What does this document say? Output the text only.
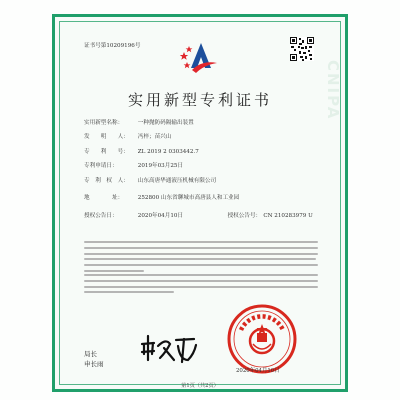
CNIPA
证书号第10209196号
实用新型专利证书
实用新型名称：	一种抛防码隔输出装置
发　　明　　人： 冯梓；苗兴山
专　　利　　号： ZL 2019 2 0303442.7
专利申请日：	2019年03月25日
专　利　权　人： 山东高唐华通液压机械有限公司
地　　　　址：	252800 山东省聊城市高唐县人和工业园
授权公告日：	2020年04月10日	授权公告号： CN 210283979 U
局长
申长雨
2020年04月10日
第1页（共2页）
